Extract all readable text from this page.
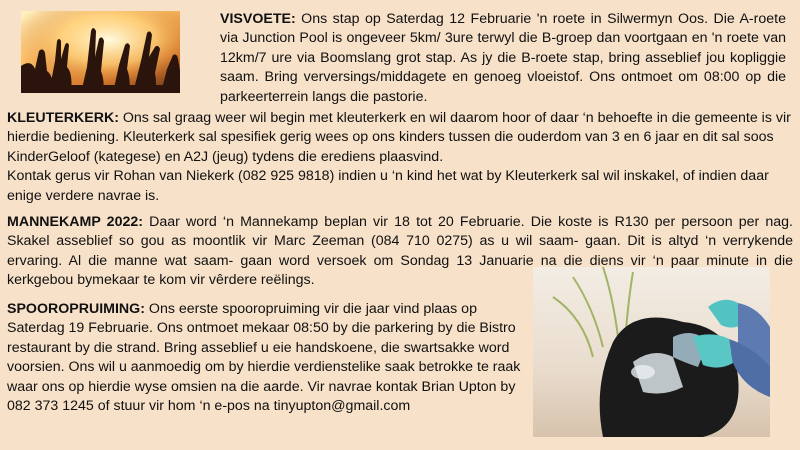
VISVOETE: Ons stap op Saterdag 12 Februarie 'n roete in Silwermyn Oos. Die A-roete via Junction Pool is ongeveer 5km/ 3ure terwyl die B-groep dan voortgaan en 'n roete van 12km/7 ure via Boomslang grot stap. As jy die B-roete stap, bring asseblief jou kopliggie saam. Bring verversings/middagete en genoeg vloeistof. Ons ontmoet om 08:00 op die parkeerterrein langs die pastorie.

KLEUTERKERK: Ons sal graag weer wil begin met kleuterkerk en wil daarom hoor of daar ‘n behoefte in die gemeente is vir hierdie bediening. Kleuterkerk sal spesifiek gerig wees op ons kinders tussen die ouderdom van 3 en 6 jaar en dit sal soos KinderGeloof (kategese) en A2J (jeug) tydens die erediens plaasvind.

Kontak gerus vir Rohan van Niekerk (082 925 9818) indien u ‘n kind het wat by Kleuterkerk sal wil inskakel, of indien daar enige verdere navrae is.

MANNEKAMP 2022: Daar word ‘n Mannekamp beplan vir 18 tot 20 Februarie. Die koste is R130 per persoon per nag. Skakel asseblief so gou as moontlik vir Marc Zeeman (084 710 0275) as u wil saam- gaan. Dit is altyd ‘n verrykende ervaring. Al die manne wat saam- gaan word versoek om Sondag 13 Januarie na die diens vir ‘n paar minute in die kerkgebou bymekaar te kom vir vêrdere reëlings.
SPOOROPRUIMING: Ons eerste spooropruiming vir die jaar vind plaas op Saterdag 19 Februarie. Ons ontmoet mekaar 08:50 by die parkering by die Bistro restaurant by die strand. Bring asseblief u eie handskoene, die swartsakke word voorsien. Ons wil u aanmoedig om by hierdie verdienstelike saak betrokke te raak waar ons op hierdie wyse omsien na die aarde. Vir navrae kontak Brian Upton by 082 373 1245 of stuur vir hom ‘n e-pos na tinyupton@gmail.com
